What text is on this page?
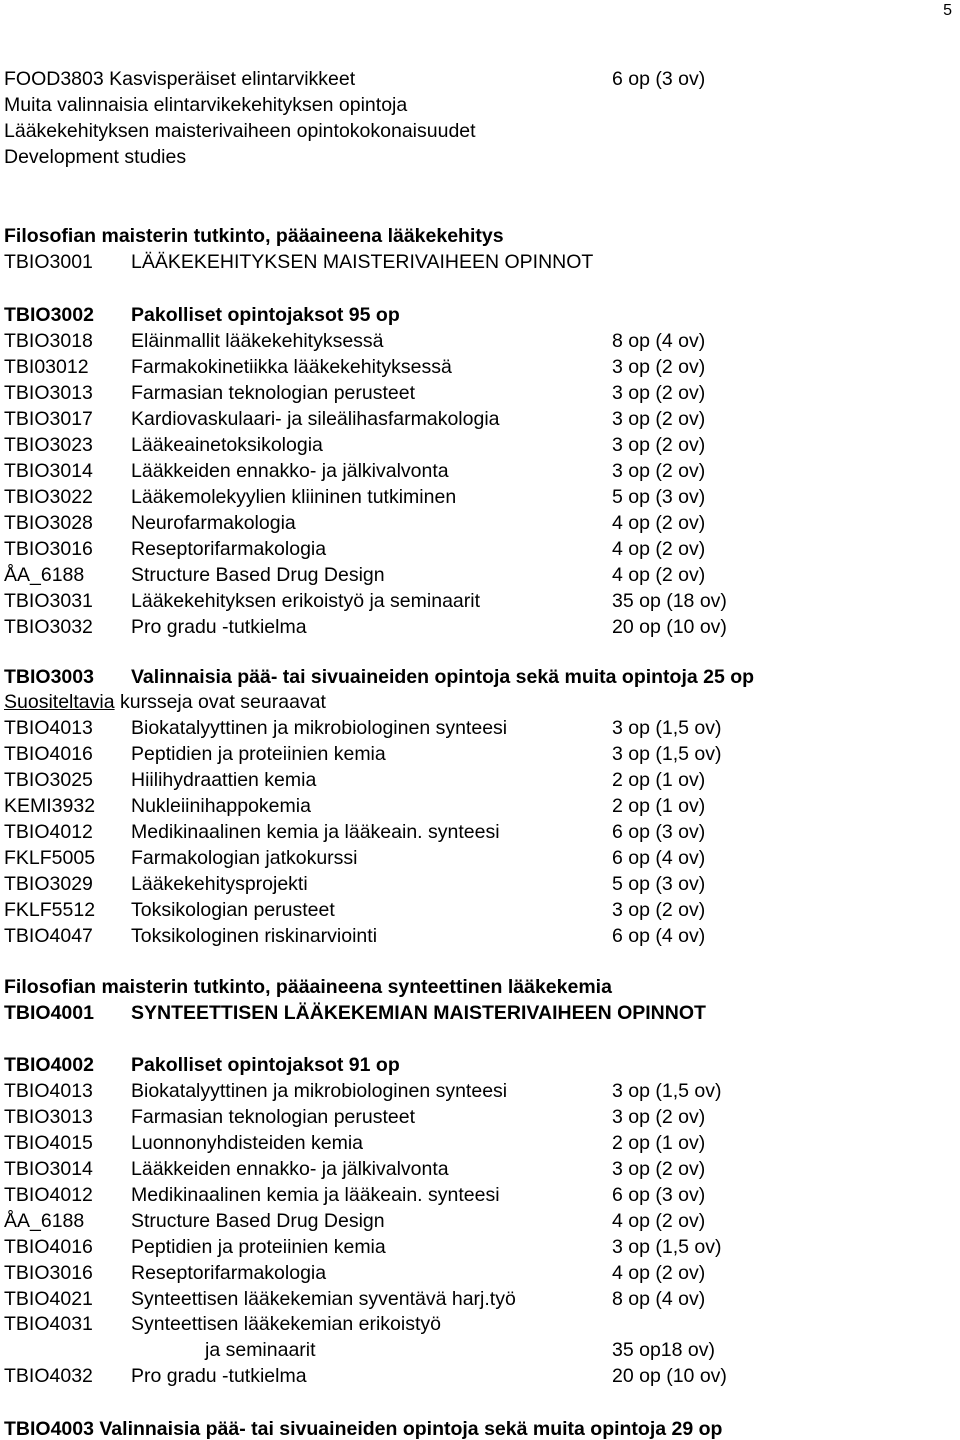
5
FOOD3803 Kasvisperäiset elintarvikkeet	6 op (3 ov)
Muita valinnaisia elintarvikekehityksen opintoja
Lääkekehityksen maisterivaiheen opintokokonaisuudet
Development studies
Filosofian maisterin tutkinto, pääaineena lääkekehitys
TBIO3001 LÄÄKEKEHITYKSEN MAISTERIVAIHEEN OPINNOT
TBIO3002 Pakolliset opintojaksot 95 op
TBIO3018 Eläinmallit lääkekehityksessä	8 op (4 ov)
TBI03012 Farmakokinetiikka lääkekehityksessä	3 op (2 ov)
TBIO3013 Farmasian teknologian perusteet	3 op (2 ov)
TBIO3017 Kardiovaskulaari- ja sileälihasfarmakologia	3 op (2 ov)
TBIO3023 Lääkeainetoksikologia	3 op (2 ov)
TBIO3014 Lääkkeiden ennakko- ja jälkivalvonta	3 op (2 ov)
TBIO3022 Lääkemolekyylien kliininen tutkiminen	5 op (3 ov)
TBIO3028 Neurofarmakologia	4 op (2 ov)
TBIO3016 Reseptorifarmakologia	4 op (2 ov)
ÅA_6188 Structure Based Drug Design	4 op (2 ov)
TBIO3031 Lääkekehityksen erikoistyö ja seminaarit	35 op (18 ov)
TBIO3032 Pro gradu -tutkielma	20 op (10 ov)
TBIO3003 Valinnaisia pää- tai sivuaineiden opintoja sekä muita opintoja 25 op
Suositeltavia kursseja ovat seuraavat
TBIO4013 Biokatalyyttinen ja mikrobiologinen synteesi	3 op (1,5 ov)
TBIO4016 Peptidien ja proteiinien kemia	3 op (1,5 ov)
TBIO3025 Hiilihydraattien kemia	2 op (1 ov)
KEMI3932 Nukleiinihappokemia	2 op (1 ov)
TBIO4012 Medikinaalinen kemia ja lääkeain. synteesi	6 op (3 ov)
FKLF5005 Farmakologian jatkokurssi	6 op (4 ov)
TBIO3029 Lääkekehitysprojekti	5 op (3 ov)
FKLF5512 Toksikologian perusteet	3 op (2 ov)
TBIO4047 Toksikologinen riskinarviointi	6 op (4 ov)
Filosofian maisterin tutkinto, pääaineena synteettinen lääkekemia
TBIO4001 SYNTEETTISEN LÄÄKEKEMIAN MAISTERIVAIHEEN OPINNOT
TBIO4002 Pakolliset opintojaksot 91 op
TBIO4013 Biokatalyyttinen ja mikrobiologinen synteesi	3 op (1,5 ov)
TBIO3013 Farmasian teknologian perusteet	3 op (2 ov)
TBIO4015 Luonnonyhdisteiden kemia	2 op (1 ov)
TBIO3014 Lääkkeiden ennakko- ja jälkivalvonta	3 op (2 ov)
TBIO4012 Medikinaalinen kemia ja lääkeain. synteesi	6 op (3 ov)
ÅA_6188 Structure Based Drug Design	4 op (2 ov)
TBIO4016 Peptidien ja proteiinien kemia	3 op (1,5 ov)
TBIO3016 Reseptorifarmakologia	4 op (2 ov)
TBIO4021 Synteettisen lääkekemian syventävä harj.työ	8 op (4 ov)
TBIO4031 Synteettisen lääkekemian erikoistyö
ja seminaarit	35 op18 ov)
TBIO4032 Pro gradu -tutkielma	20 op (10 ov)
TBIO4003 Valinnaisia pää- tai sivuaineiden opintoja sekä muita opintoja 29 op
